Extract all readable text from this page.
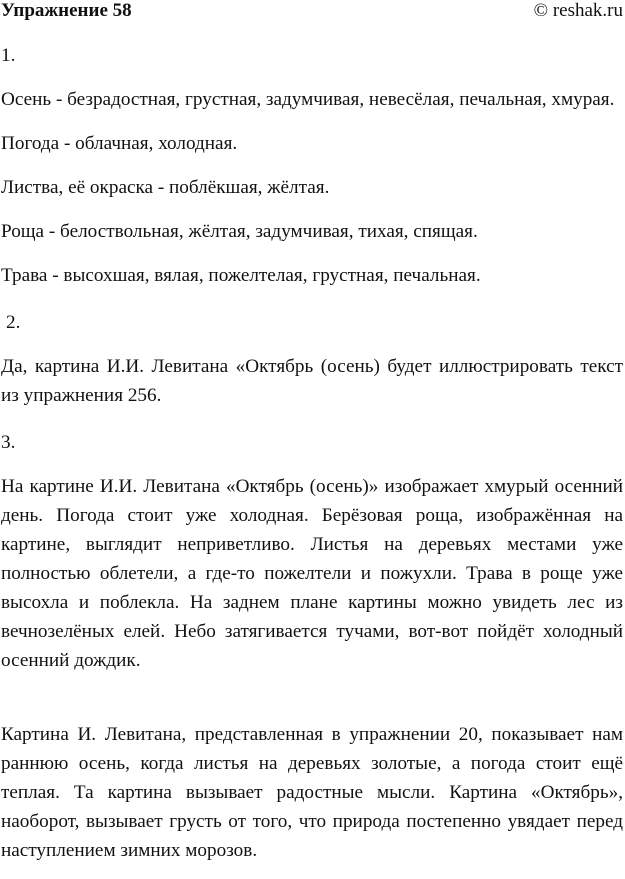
Упражнение 58	© reshak.ru

1.

Осень - безрадостная, грустная, задумчивая, невесёлая, печальная, хмурая.

Погода - облачная, холодная.

Листва, её окраска - поблёкшая, жёлтая.

Роща - белоствольная, жёлтая, задумчивая, тихая, спящая.

Трава - высохшая, вялая, пожелтелая, грустная, печальная.

2.

Да, картина И.И. Левитана «Октябрь (осень) будет иллюстрировать текст из упражнения 256.

3.

На картине И.И. Левитана «Октябрь (осень)» изображает хмурый осенний день. Погода стоит уже холодная. Берёзовая роща, изображённая на картине, выглядит неприветливо. Листья на деревьях местами уже полностью облетели, а где-то пожелтели и пожухли. Трава в роще уже высохла и поблекла. На заднем плане картины можно увидеть лес из вечнозелёных елей. Небо затягивается тучами, вот-вот пойдёт холодный осенний дождик.

Картина И. Левитана, представленная в упражнении 20, показывает нам раннюю осень, когда листья на деревьях золотые, а погода стоит ещё теплая. Та картина вызывает радостные мысли. Картина «Октябрь», наоборот, вызывает грусть от того, что природа постепенно увядает перед наступлением зимних морозов.
